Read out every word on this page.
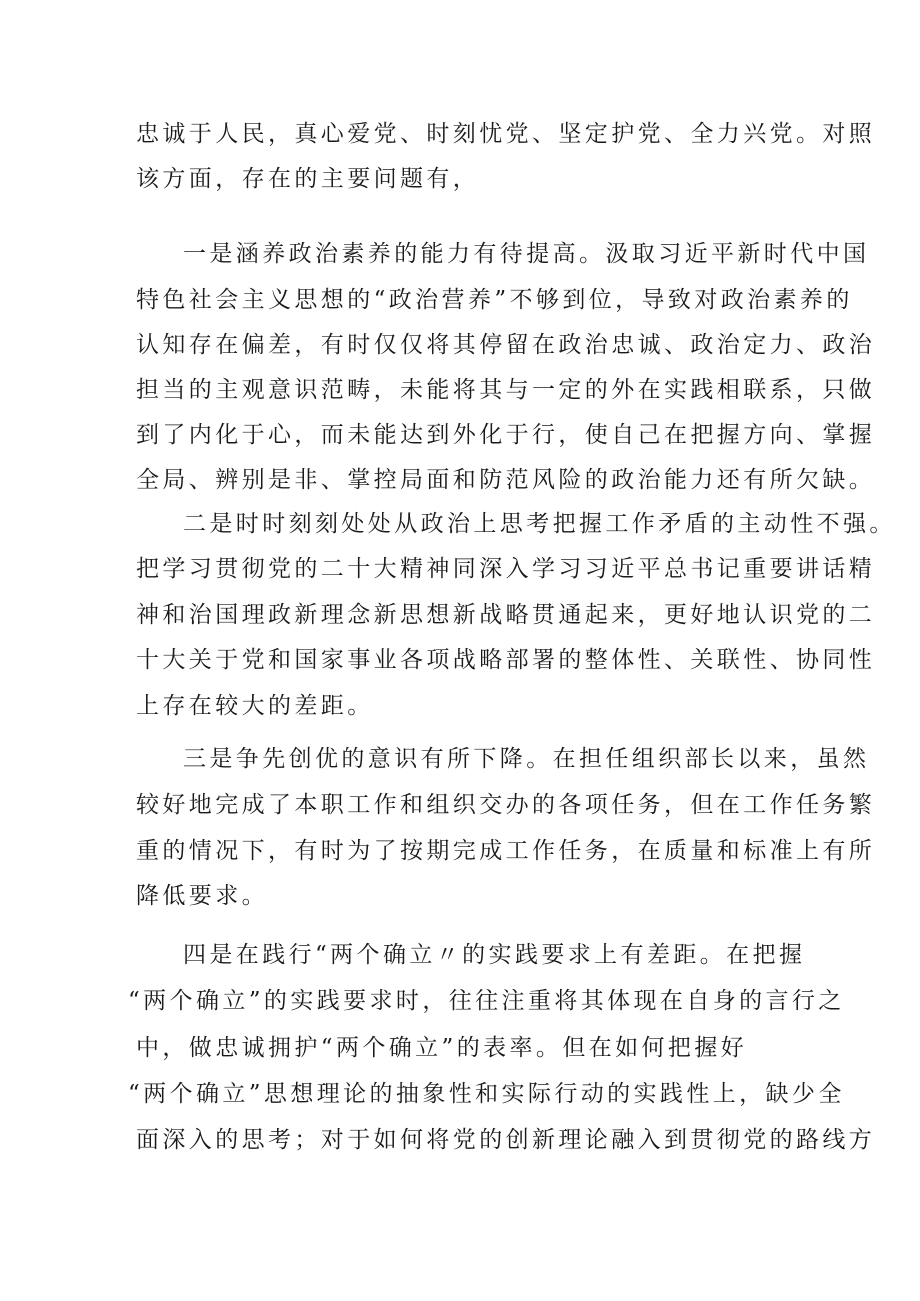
忠诚于人民，真心爱党、时刻忧党、坚定护党、全力兴党。对照
该方面，存在的主要问题有，
一是涵养政治素养的能力有待提高。汲取习近平新时代中国
特色社会主义思想的“政治营养”不够到位，导致对政治素养的
认知存在偏差，有时仅仅将其停留在政治忠诚、政治定力、政治
担当的主观意识范畴，未能将其与一定的外在实践相联系，只做
到了内化于心，而未能达到外化于行，使自己在把握方向、掌握
全局、辨别是非、掌控局面和防范风险的政治能力还有所欠缺。
二是时时刻刻处处从政治上思考把握工作矛盾的主动性不强。
把学习贯彻党的二十大精神同深入学习习近平总书记重要讲话精
神和治国理政新理念新思想新战略贯通起来，更好地认识党的二
十大关于党和国家事业各项战略部署的整体性、关联性、协同性
上存在较大的差距。
三是争先创优的意识有所下降。在担任组织部长以来，虽然
较好地完成了本职工作和组织交办的各项任务，但在工作任务繁
重的情况下，有时为了按期完成工作任务，在质量和标准上有所
降低要求。
四是在践行“两个确立〃的实践要求上有差距。在把握
“两个确立”的实践要求时，往往注重将其体现在自身的言行之
中，做忠诚拥护“两个确立”的表率。但在如何把握好
“两个确立”思想理论的抽象性和实际行动的实践性上，缺少全
面深入的思考；对于如何将党的创新理论融入到贯彻党的路线方
